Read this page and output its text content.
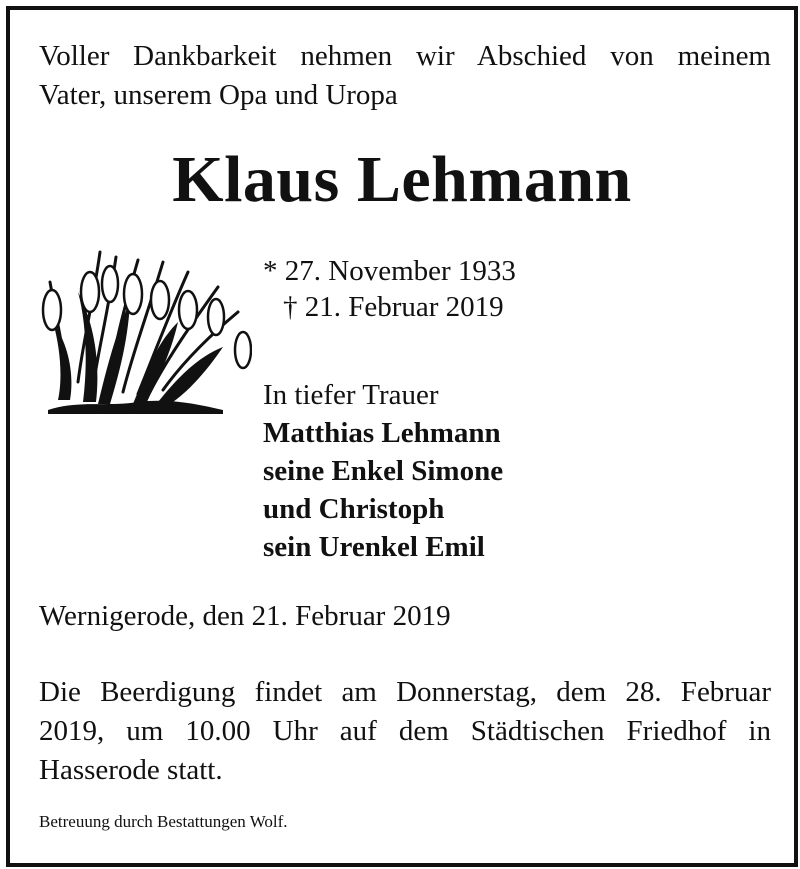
Voller Dankbarkeit nehmen wir Abschied von meinem
Vater, unserem Opa und Uropa
Klaus Lehmann
* 27. November 1933
† 21. Februar 2019
In tiefer Trauer
Matthias Lehmann
seine Enkel Simone
und Christoph
sein Urenkel Emil
Wernigerode, den 21. Februar 2019
Die Beerdigung findet am Donnerstag, dem 28. Februar
2019, um 10.00 Uhr auf dem Städtischen Friedhof in
Hasserode statt.
Betreuung durch Bestattungen Wolf.
